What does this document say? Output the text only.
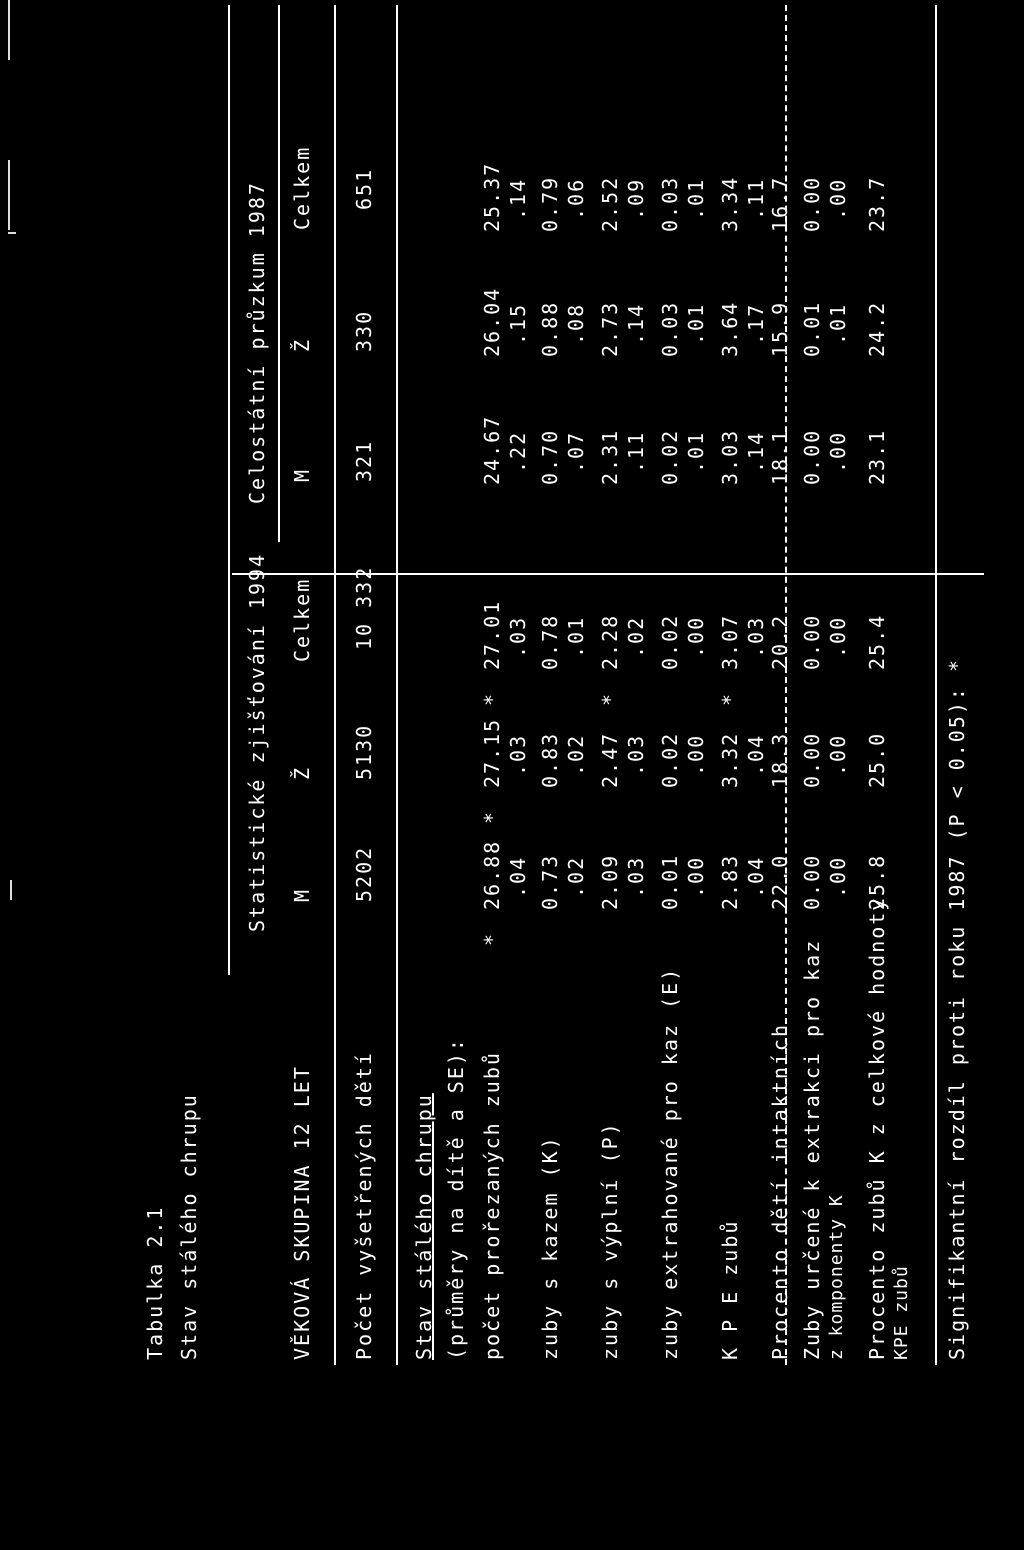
Tabulka 2.1 Stav stálého chrupu
Statistické zjišťování 1994
Celostátní průzkum 1987
VĚKOVÁ SKUPINA 12 LET
M
Ž
Celkem
M
Ž
Celkem
Počet vyšetřených dětí
5202
5130
10 332
321
330
651
Stav stálého chrupu (průměry na dítě a SE): počet prořezaných zubů
26.88 .04
*
27.15 .03
*
27.01 .03
*
24.67 .22
26.04 .15
25.37 .14
zuby s kazem (K)
0.73 .02
0.83 .02
0.78 .01
0.70 .07
0.88 .08
0.79 .06
zuby s výplní (P)
2.09 .03
2.47 .03
2.28 .02
*
2.31 .11
2.73 .14
2.52 .09
zuby extrahované pro kaz (E)
0.01 .00
0.02 .00
0.02 .00
0.02 .01
0.03 .01
0.03 .01
K P E zubů
2.83 .04
3.32 .04
3.07 .03
*
3.03 .14
3.64 .17
3.34 .11
Procento dětí intaktních
22.0
18.3
20.2
18.1
15.9
16.7
Zuby určené k extrakci pro kaz z komponenty K
0.00 .00
0.00 .00
0.00 .00
0.00 .00
0.01 .01
0.00 .00
Procento zubů K z celkové hodnoty KPE zubů
25.8
25.0
25.4
23.1
24.2
23.7
Signifikantní rozdíl proti roku 1987 (P < 0.05): *
